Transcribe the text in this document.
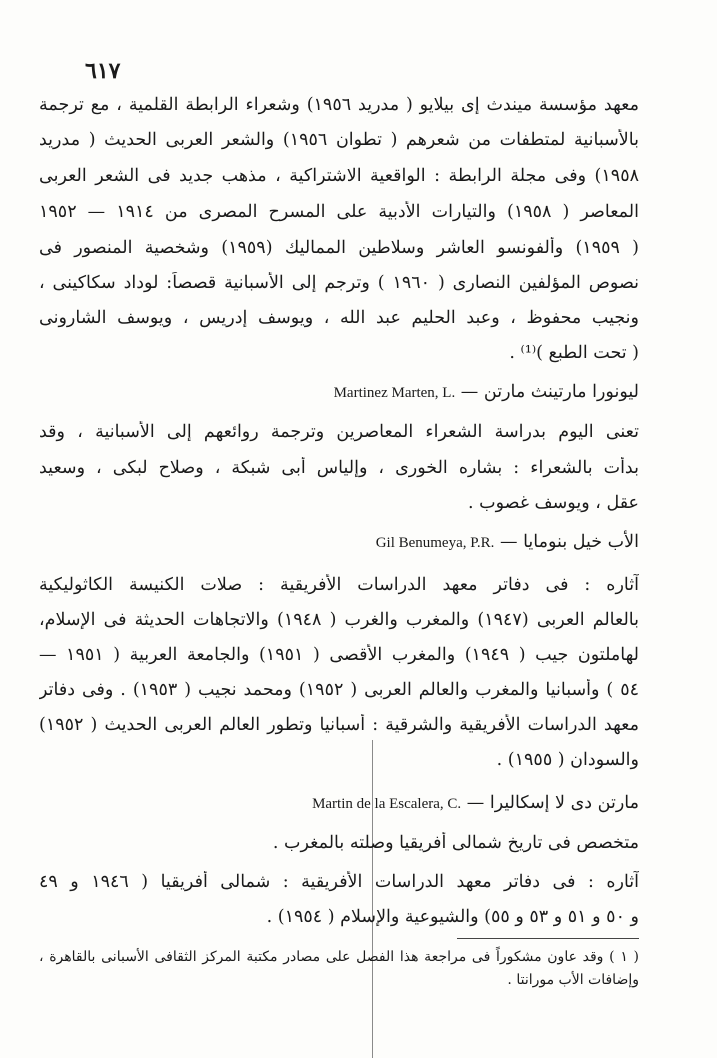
٦١٧
معهد مؤسسة ميندث إى بيلايو ( مدريد ١٩٥٦) وشعراء الرابطة القلمية ، مع ترجمة
بالأسبانية لمتطفات من شعرهم ( تطوان ١٩٥٦) والشعر العربى الحديث ( مدريد
١٩٥٨) وفى مجلة الرابطة : الواقعية الاشتراكية ، مذهب جديد فى الشعر العربى
المعاصر ( ١٩٥٨) والتيارات الأدبية على المسرح المصرى من ١٩١٤ — ١٩٥٢
( ١٩٥٩) وألفونسو العاشر وسلاطين المماليك (١٩٥٩) وشخصية المنصور فى
نصوص المؤلفين النصارى ( ١٩٦٠ ) وترجم إلى الأسبانية قصصاً: لوداد سكاكينى ،
ونجيب محفوظ ، وعبد الحليم عبد الله ، ويوسف إدريس ، ويوسف الشارونى
( تحت الطبع )⁽¹⁾ .
ليونورا مارتينث مارتن — Martinez Marten, L.
تعنى اليوم بدراسة الشعراء المعاصرين وترجمة روائعهم إلى الأسبانية ، وقد
بدأت بالشعراء : بشاره الخورى ، وإلياس أبى شبكة ، وصلاح لبكى ، وسعيد
عقل ، ويوسف غصوب .
الأب خيل بنومايا — Gil Benumeya, P.R.
آثاره : فى دفاتر معهد الدراسات الأفريقية : صلات الكنيسة الكاثوليكية
بالعالم العربى (١٩٤٧) والمغرب والغرب ( ١٩٤٨) والاتجاهات الحديثة فى الإسلام،
لهاملتون جيب ( ١٩٤٩) والمغرب الأقصى ( ١٩٥١) والجامعة العربية ( ١٩٥١ —
٥٤ ) وأسبانيا والمغرب والعالم العربى ( ١٩٥٢) ومحمد نجيب ( ١٩٥٣) . وفى دفاتر
معهد الدراسات الأفريقية والشرقية : أسبانيا وتطور العالم العربى الحديث ( ١٩٥٢)
والسودان ( ١٩٥٥) .
مارتن دى لا إسكاليرا — Martin de la Escalera, C.
متخصص فى تاريخ شمالى أفريقيا وصلته بالمغرب .
آثاره : فى دفاتر معهد الدراسات الأفريقية : شمالى أفريقيا ( ١٩٤٦ و ٤٩
و ٥٠ و ٥١ و ٥٣ و ٥٥) والشيوعية والإسلام ( ١٩٥٤) .
( ١ ) وقد عاون مشكوراً فى مراجعة هذا الفصل على مصادر مكتبة المركز الثقافى الأسبانى بالقاهرة ،
وإضافات الأب مورانتا .
